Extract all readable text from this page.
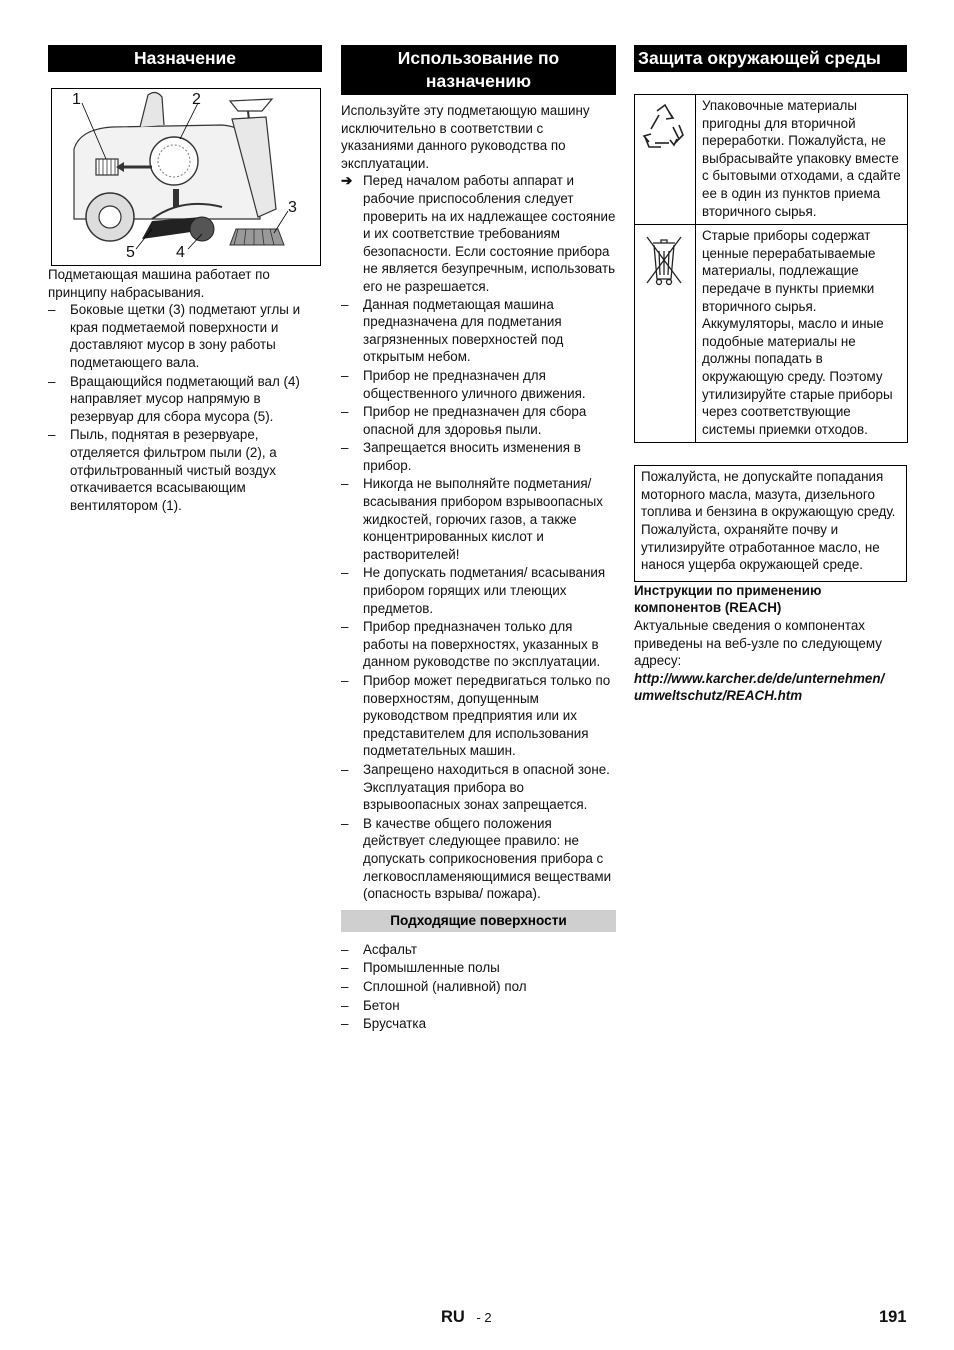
Назначение
1	2
3
4
5

Подметающая машина работает по принципу набрасывания.

– Боковые щетки (3) подметают углы и края подметаемой поверхности и доставляют мусор в зону работы подметающего вала.
– Вращающийся подметающий вал (4) направляет мусор напрямую в резервуар для сбора мусора (5).
– Пыль, поднятая в резервуаре, отделяется фильтром пыли (2), а отфильтрованный чистый воздух откачивается всасывающим вентилятором (1).
Использование по назначению

Используйте эту подметающую машину исключительно в соответствии с указаниями данного руководства по эксплуатации.

➔ Перед началом работы аппарат и рабочие приспособления следует проверить на их надлежащее состояние и их соответствие требованиям безопасности. Если состояние прибора не является безупречным, использовать его не разрешается.
– Данная подметающая машина предназначена для подметания загрязненных поверхностей под открытым небом.
– Прибор не предназначен для общественного уличного движения.
– Прибор не предназначен для сбора опасной для здоровья пыли.
– Запрещается вносить изменения в прибор.
– Никогда не выполняйте подметания/ всасывания прибором взрывоопасных жидкостей, горючих газов, а также концентрированных кислот и растворителей!
– Не допускать подметания/ всасывания прибором горящих или тлеющих предметов.
– Прибор предназначен только для работы на поверхностях, указанных в данном руководстве по эксплуатации.
– Прибор может передвигаться только по поверхностям, допущенным руководством предприятия или их представителем для использования подметательных машин.
– Запрещено находиться в опасной зоне. Эксплуатация прибора во взрывоопасных зонах запрещается.
– В качестве общего положения действует следующее правило: не допускать соприкосновения прибора с легковоспламеняющимися веществами (опасность взрыва/ пожара).
Подходящие поверхности
– Асфальт
– Промышленные полы
– Сплошной (наливной) пол
– Бетон
– Брусчатка
Защита окружающей среды
	Упаковочные материалы пригодны для вторичной переработки. Пожалуйста, не выбрасывайте упаковку вместе с бытовыми отходами, а сдайте ее в один из пунктов приема вторичного сырья.
	Старые приборы содержат ценные перерабатываемые материалы, подлежащие передаче в пункты приемки вторичного сырья. Аккумуляторы, масло и иные подобные материалы не должны попадать в окружающую среду. Поэтому утилизируйте старые приборы через соответствующие системы приемки отходов.
Пожалуйста, не допускайте попадания моторного масла, мазута, дизельного топлива и бензина в окружающую среду. Пожалуйста, охраняйте почву и утилизируйте отработанное масло, не нанося ущерба окружающей среде.

Инструкции по применению компонентов (REACH)

Актуальные сведения о компонентах приведены на веб-узле по следующему адресу:

http://www.karcher.de/de/unternehmen/ umweltschutz/REACH.htm

RU - 2	191
